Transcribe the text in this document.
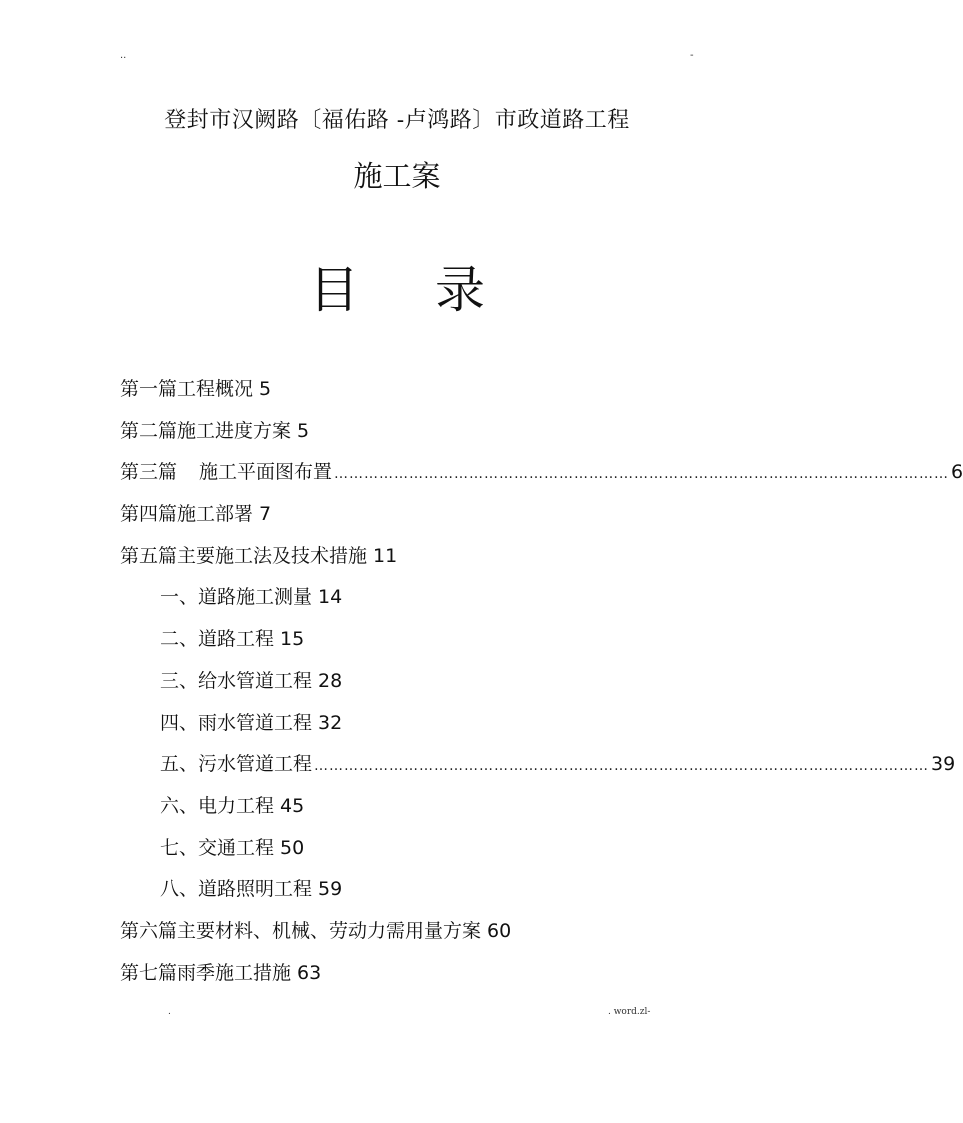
..	-
登封市汉阙路〔福佑路 -卢鸿路〕市政道路工程
施工案
目 录
第一篇工程概况 5
第二篇施工进度方案 5
第三篇 施工平面图布置 …………………………………………………………………………………………………………… 6
第四篇施工部署 7
第五篇主要施工法及技术措施 11
一、道路施工测量 14
二、道路工程 15
三、给水管道工程 28
四、雨水管道工程 32
五、污水管道工程 …………………………………………………………………………………………………………… 39
六、电力工程 45
七、交通工程 50
八、道路照明工程 59
第六篇主要材料、机械、劳动力需用量方案 60
第七篇雨季施工措施 63
.	. word.zl-
